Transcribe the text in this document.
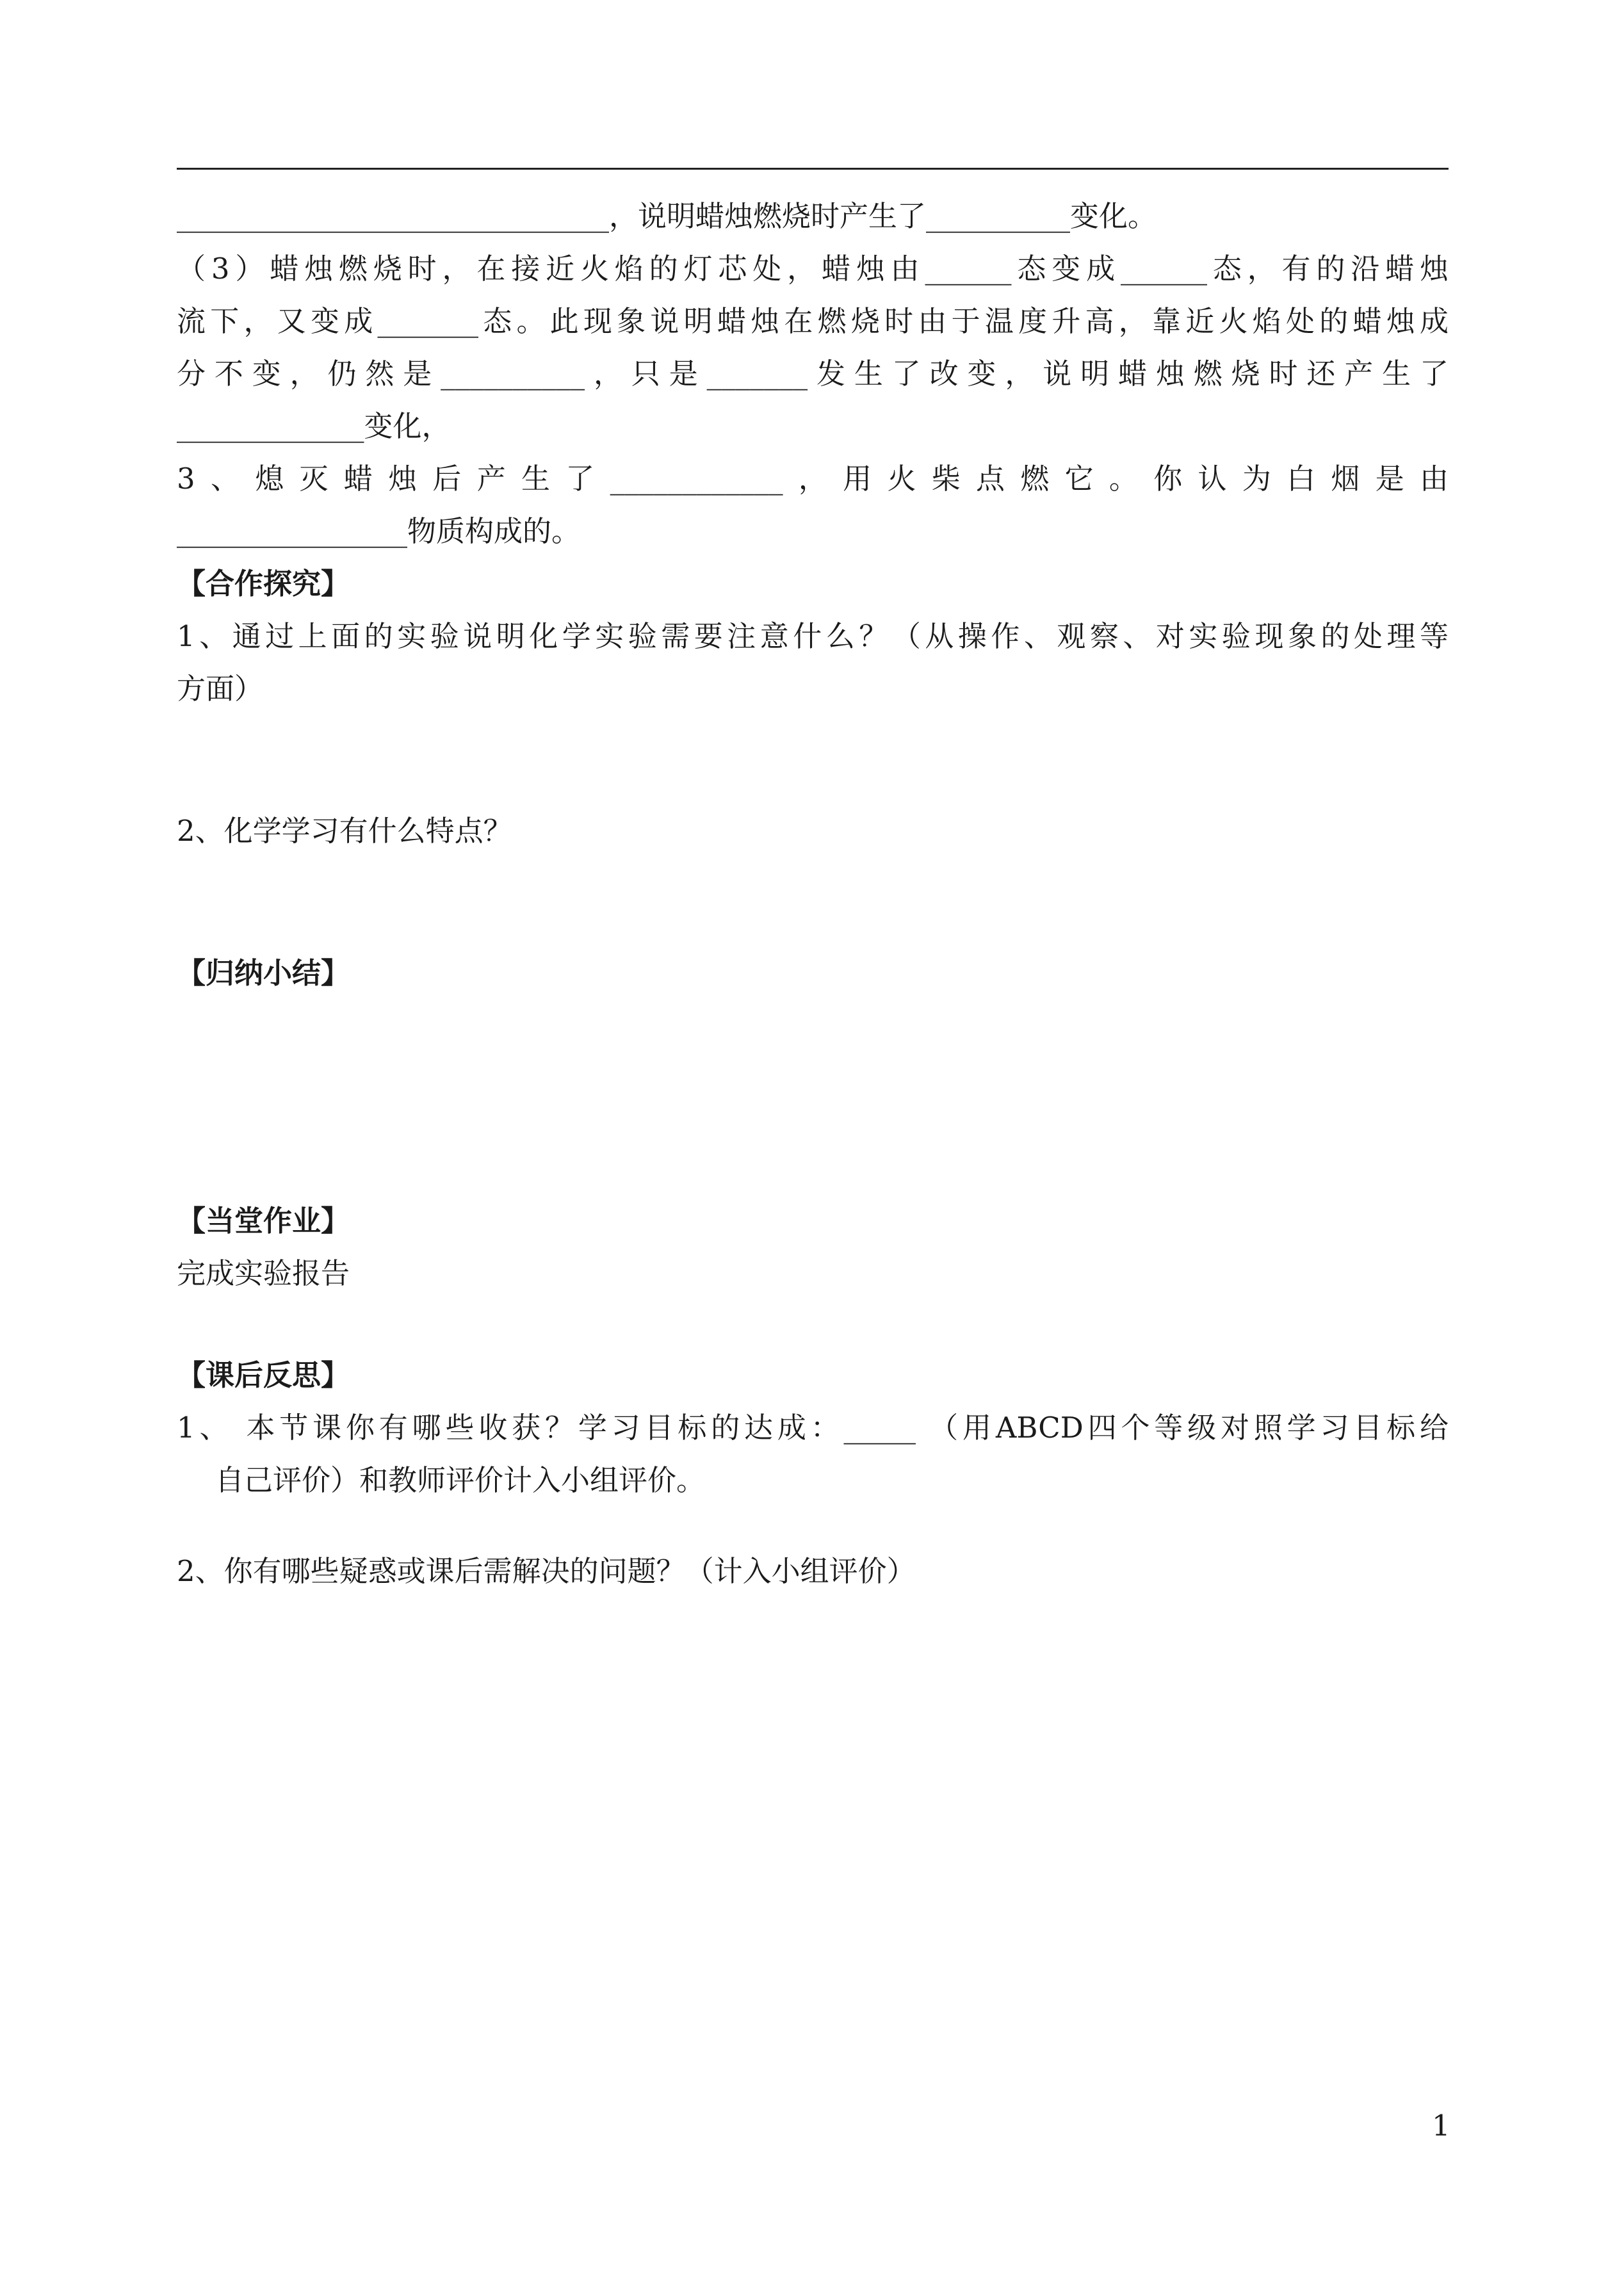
______________________________，说明蜡烛燃烧时产生了__________变化。
（3）蜡烛燃烧时，在接近火焰的灯芯处，蜡烛由______态变成______态，有的沿蜡烛
流下，又变成_______态。此现象说明蜡烛在燃烧时由于温度升高，靠近火焰处的蜡烛成
分不变，仍然是__________，只是_______发生了改变，说明蜡烛燃烧时还产生了
_____________变化，
3、熄灭蜡烛后产生了____________，用火柴点燃它。你认为白烟是由
________________物质构成的。
【合作探究】
1、通过上面的实验说明化学实验需要注意什么？（从操作、观察、对实验现象的处理等
方面）
2、化学学习有什么特点？
【归纳小结】
【当堂作业】
完成实验报告
【课后反思】
1、 本节课你有哪些收获？学习目标的达成：_____ （用ABCD四个等级对照学习目标给
自己评价）和教师评价计入小组评价。
2、你有哪些疑惑或课后需解决的问题？（计入小组评价）
1
